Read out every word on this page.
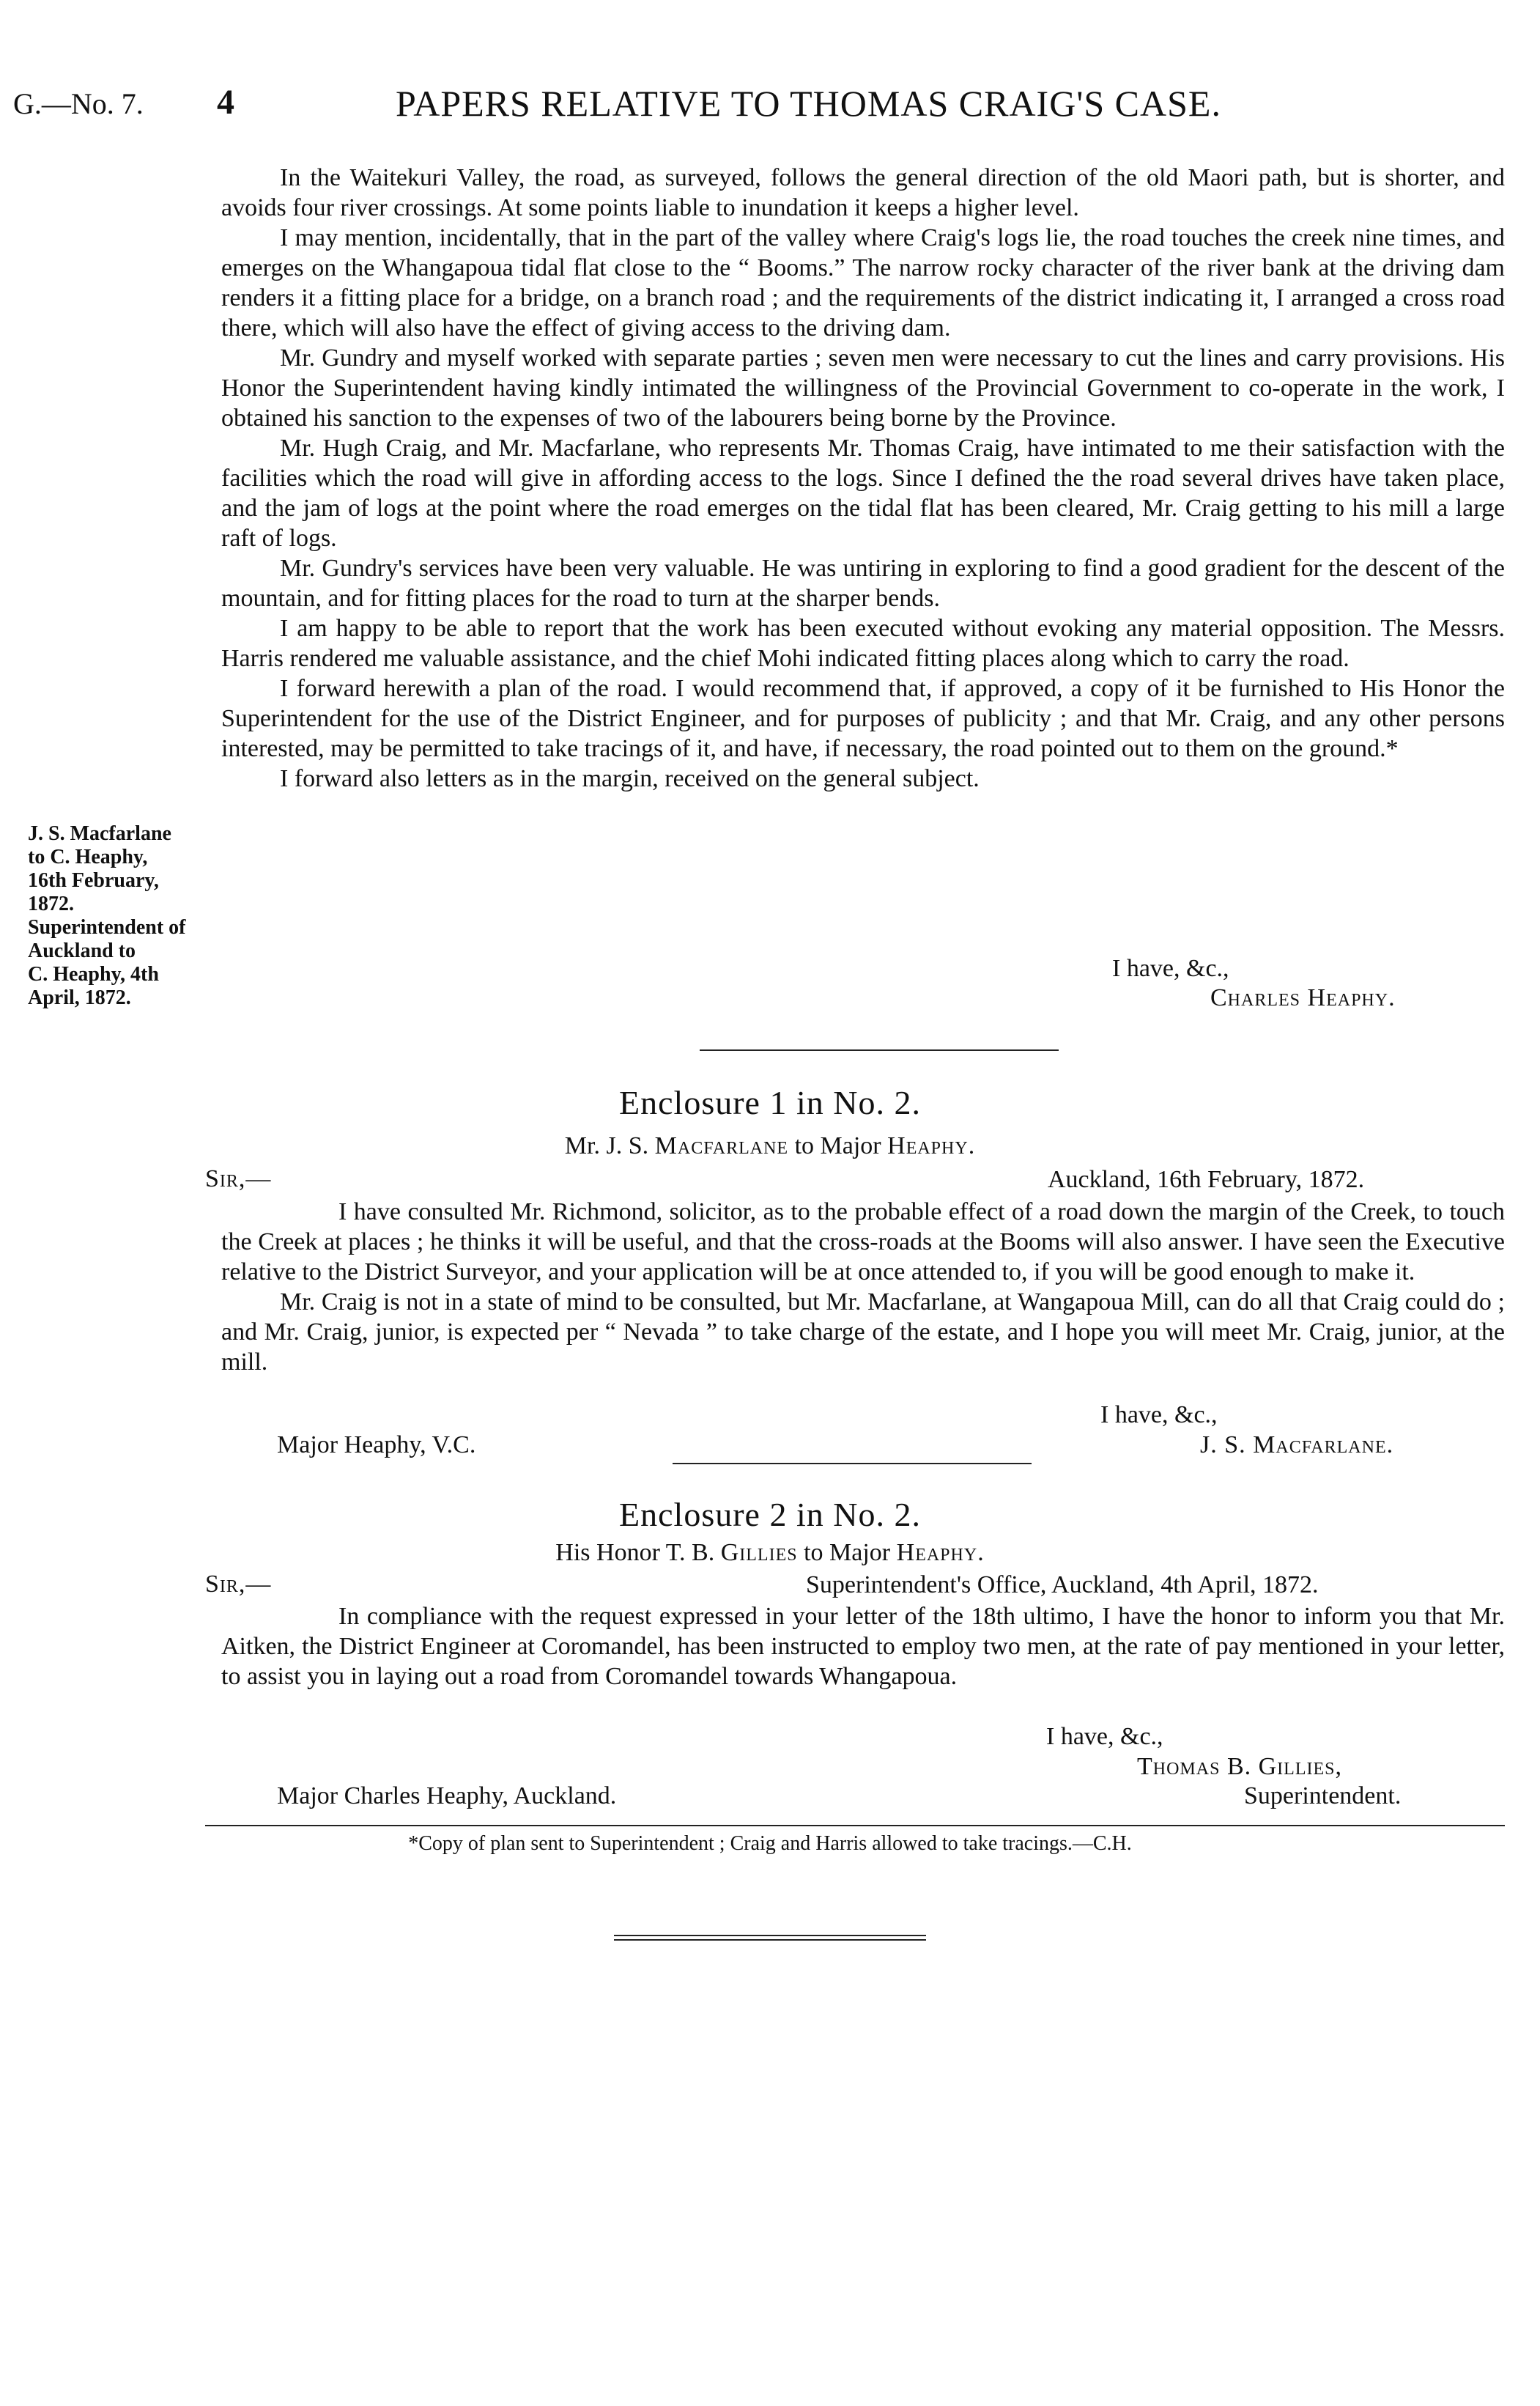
G.—No. 7. 4	PAPERS RELATIVE TO THOMAS CRAIG'S CASE.

In the Waitekuri Valley, the road, as surveyed, follows the general direction of the old Maori path, but is shorter, and avoids four river crossings. At some points liable to inundation it keeps a higher level.

I may mention, incidentally, that in the part of the valley where Craig's logs lie, the road touches the creek nine times, and emerges on the Whangapoua tidal flat close to the “ Booms.” The narrow rocky character of the river bank at the driving dam renders it a fitting place for a bridge, on a branch road ; and the requirements of the district indicating it, I arranged a cross road there, which will also have the effect of giving access to the driving dam.

Mr. Gundry and myself worked with separate parties ; seven men were necessary to cut the lines and carry provisions. His Honor the Superintendent having kindly intimated the willingness of the Provincial Government to co-operate in the work, I obtained his sanction to the expenses of two of the labourers being borne by the Province.

Mr. Hugh Craig, and Mr. Macfarlane, who represents Mr. Thomas Craig, have intimated to me their satisfaction with the facilities which the road will give in affording access to the logs. Since I defined the the road several drives have taken place, and the jam of logs at the point where the road emerges on the tidal flat has been cleared, Mr. Craig getting to his mill a large raft of logs.

Mr. Gundry's services have been very valuable. He was untiring in exploring to find a good gradient for the descent of the mountain, and for fitting places for the road to turn at the sharper bends.

I am happy to be able to report that the work has been executed without evoking any material opposition. The Messrs. Harris rendered me valuable assistance, and the chief Mohi indicated fitting places along which to carry the road.

I forward herewith a plan of the road. I would recommend that, if approved, a copy of it be furnished to His Honor the Superintendent for the use of the District Engineer, and for purposes of publicity ; and that Mr. Craig, and any other persons interested, may be permitted to take tracings of it, and have, if necessary, the road pointed out to them on the ground.*

I forward also letters as in the margin, received on the general subject.

I have, &c.,
Charles Heaphy.
J. S. Macfarlane
to C. Heaphy,
16th February,
1872.
Superintendent of
Auckland to
C. Heaphy, 4th
April, 1872.
Enclosure 1 in No. 2.
Mr. J. S. Macfarlane to Major Heaphy.
Sir,—	Auckland, 16th February, 1872.

I have consulted Mr. Richmond, solicitor, as to the probable effect of a road down the margin of the Creek, to touch the Creek at places ; he thinks it will be useful, and that the cross-roads at the Booms will also answer. I have seen the Executive relative to the District Surveyor, and your application will be at once attended to, if you will be good enough to make it.

Mr. Craig is not in a state of mind to be consulted, but Mr. Macfarlane, at Wangapoua Mill, can do all that Craig could do ; and Mr. Craig, junior, is expected per “ Nevada ” to take charge of the estate, and I hope you will meet Mr. Craig, junior, at the mill.

I have, &c.,
Major Heaphy, V.C.	J. S. Macfarlane.
Enclosure 2 in No. 2.
His Honor T. B. Gillies to Major Heaphy.
Sir,—	Superintendent's Office, Auckland, 4th April, 1872.

In compliance with the request expressed in your letter of the 18th ultimo, I have the honor to inform you that Mr. Aitken, the District Engineer at Coromandel, has been instructed to employ two men, at the rate of pay mentioned in your letter, to assist you in laying out a road from Coromandel towards Whangapoua.

I have, &c.,
Thomas B. Gillies,
Major Charles Heaphy, Auckland.	Superintendent.
*Copy of plan sent to Superintendent ; Craig and Harris allowed to take tracings.—C.H.
